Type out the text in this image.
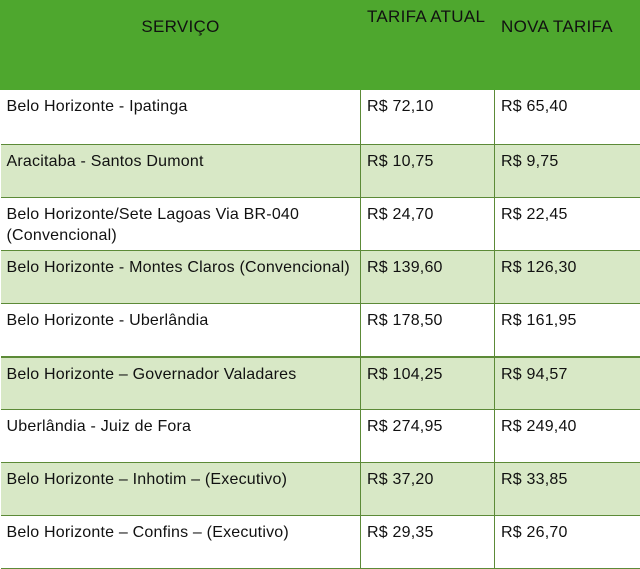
SERVIÇO	TARIFA ATUAL	NOVA TARIFA
Belo Horizonte - Ipatinga	R$ 72,10	R$ 65,40
Aracitaba - Santos Dumont	R$ 10,75	R$ 9,75
Belo Horizonte/Sete Lagoas Via BR-040 (Convencional)	R$ 24,70	R$ 22,45
Belo Horizonte - Montes Claros (Convencional)	R$ 139,60	R$ 126,30
Belo Horizonte - Uberlândia	R$ 178,50	R$ 161,95
Belo Horizonte – Governador Valadares	R$ 104,25	R$ 94,57
Uberlândia - Juiz de Fora	R$ 274,95	R$ 249,40
Belo Horizonte – Inhotim – (Executivo)	R$ 37,20	R$ 33,85
Belo Horizonte – Confins – (Executivo)	R$ 29,35	R$ 26,70
